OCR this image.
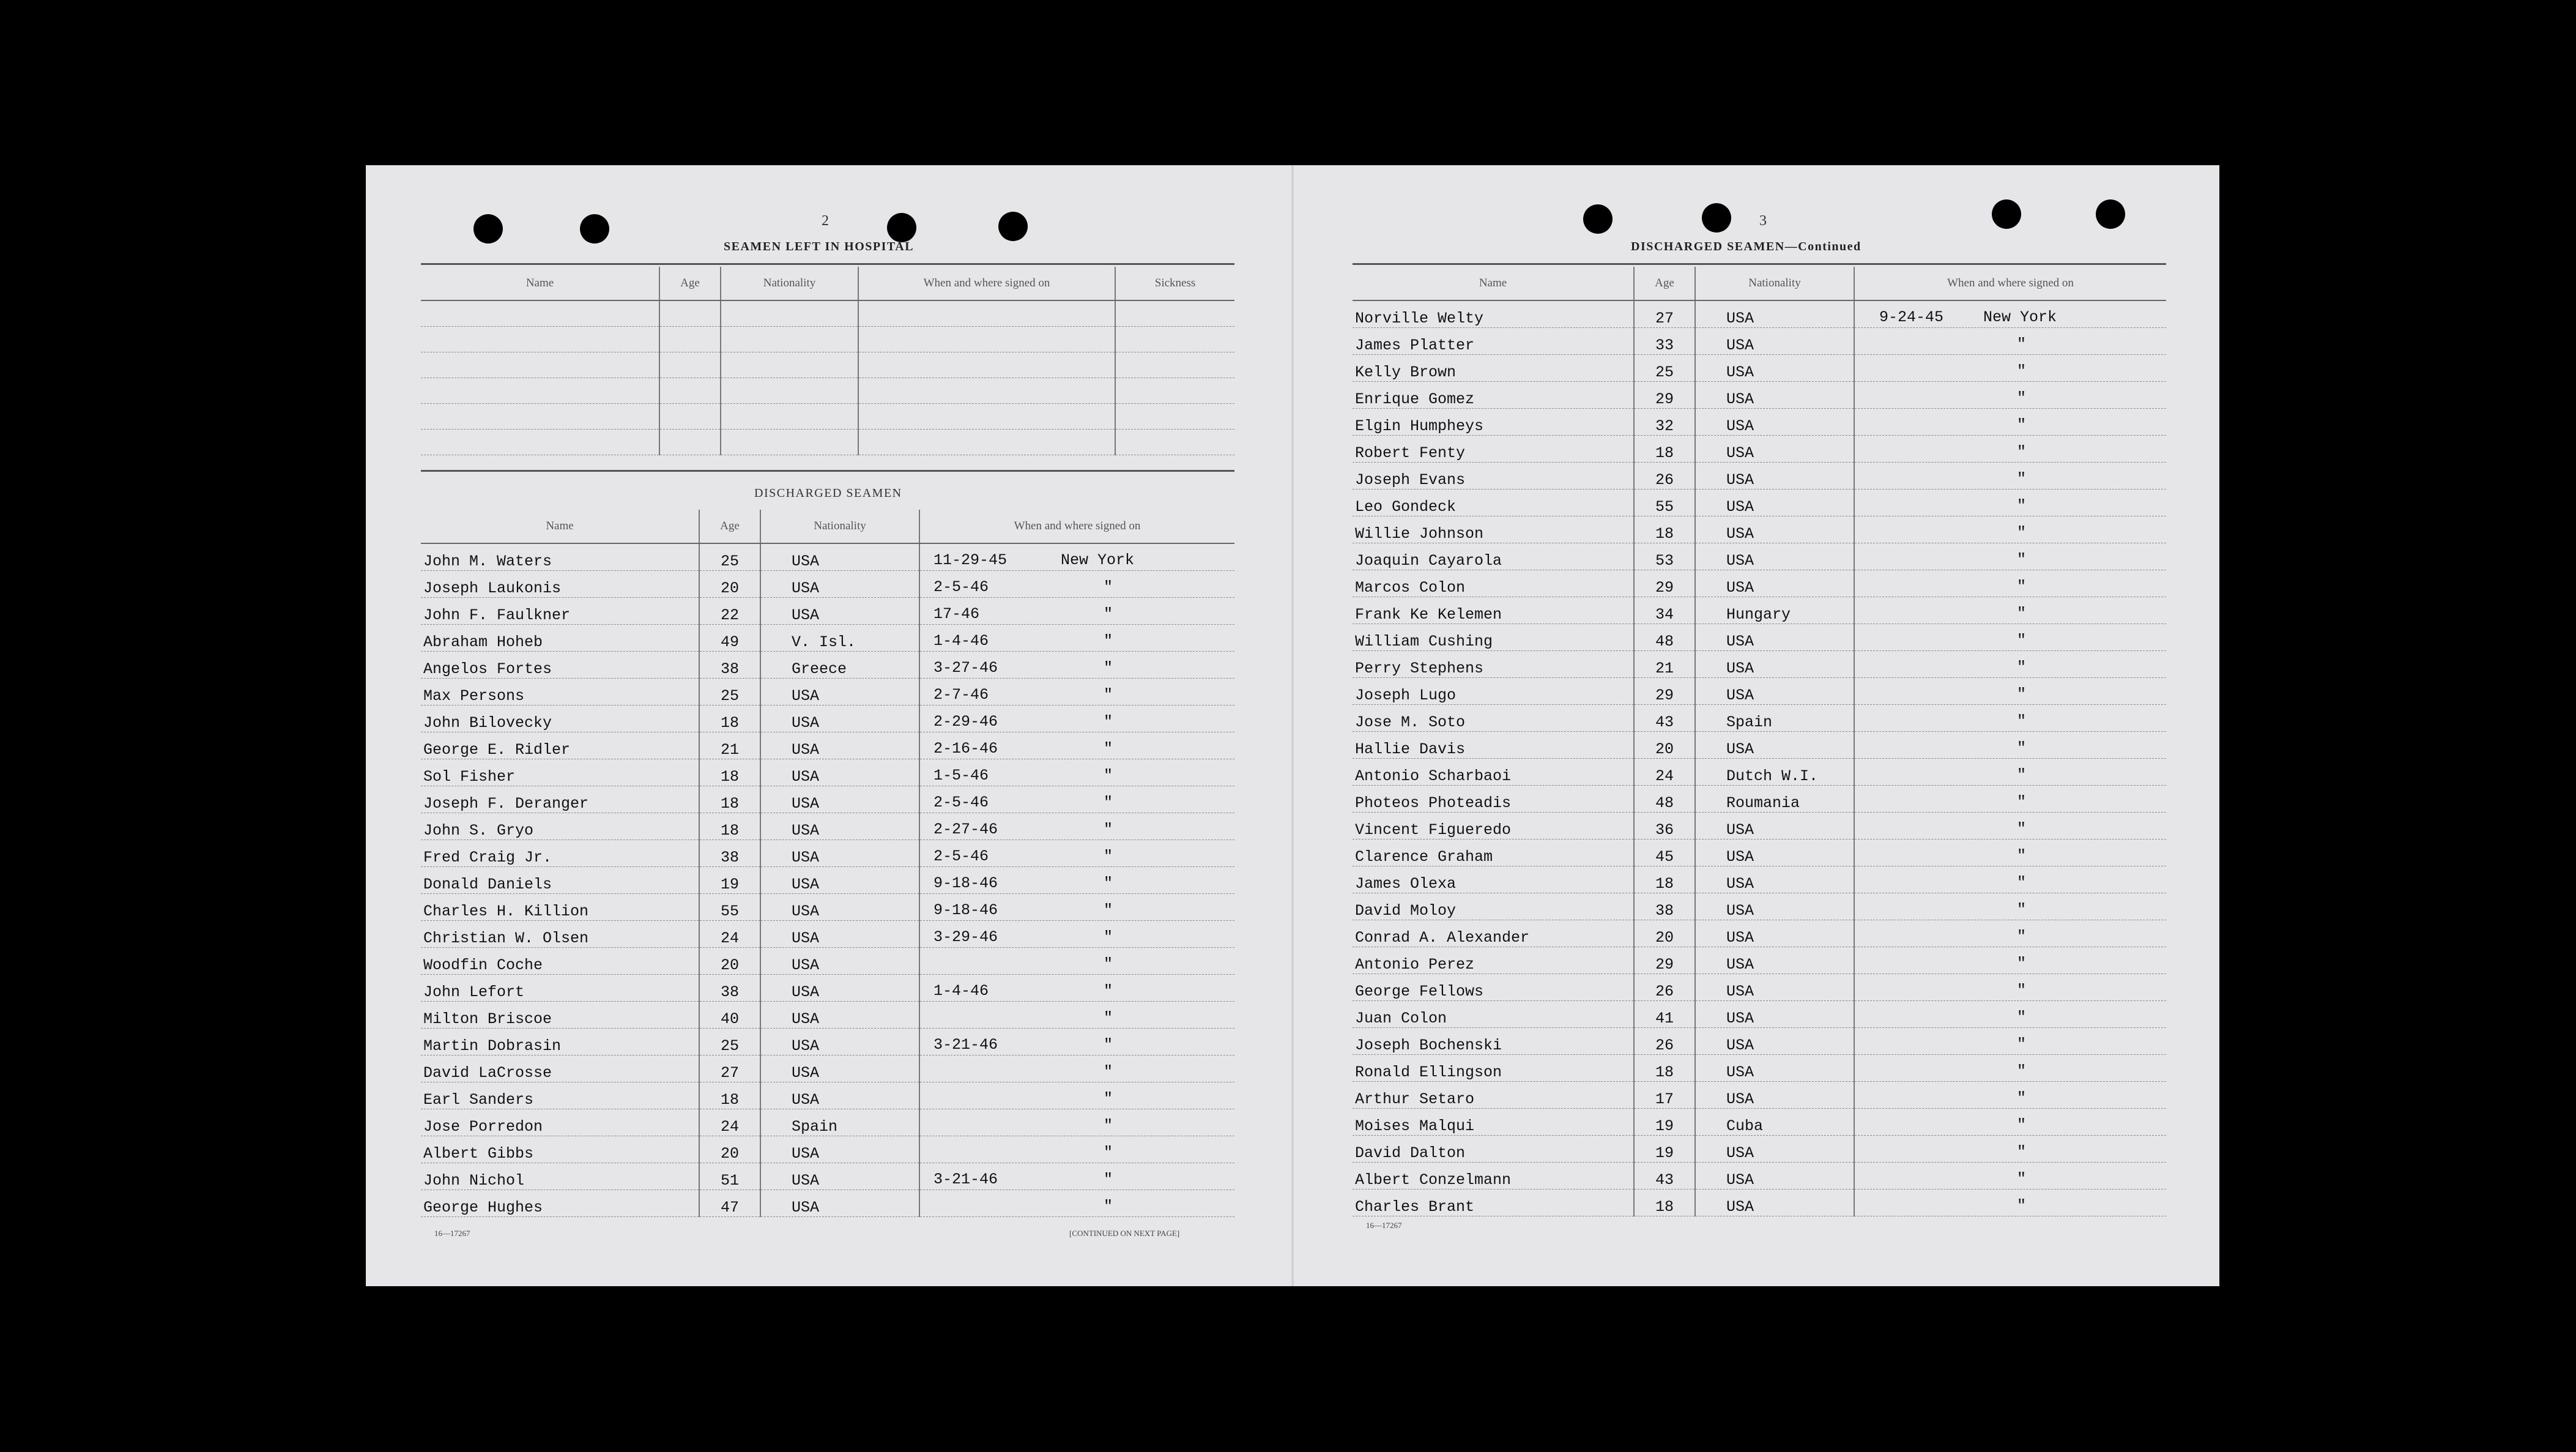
2
SEAMEN LEFT IN HOSPITAL
Name	Age	Nationality	When and where signed on	Sickness

DISCHARGED SEAMEN
Name	Age	Nationality	When and where signed on
John M. Waters	25	USA	11-29-45 New York

Joseph Laukonis	20	USA	2-5-46 "

John F. Faulkner	22	USA	17-46 "

Abraham Hoheb	49	V. Isl.	1-4-46 "

Angelos Fortes	38	Greece	3-27-46 "

Max Persons	25	USA	2-7-46 "

John Bilovecky	18	USA	2-29-46 "

George E. Ridler	21	USA	2-16-46 "

Sol Fisher	18	USA	1-5-46 "

Joseph F. Deranger	18	USA	2-5-46 "

John S. Gryo	18	USA	2-27-46 "

Fred Craig Jr.	38	USA	2-5-46 "

Donald Daniels	19	USA	9-18-46 "

Charles H. Killion	55	USA	9-18-46 "

Christian W. Olsen	24	USA	3-29-46 "

Woodfin Coche	20	USA	"

John Lefort	38	USA	1-4-46 "

Milton Briscoe	40	USA	"

Martin Dobrasin	25	USA	3-21-46 "

David LaCrosse	27	USA	"

Earl Sanders	18	USA	"

Jose Porredon	24	Spain	"

Albert Gibbs	20	USA	"

John Nichol	51	USA	3-21-46 "

George Hughes	47	USA	"
16—17267	[CONTINUED ON NEXT PAGE]
3
DISCHARGED SEAMEN—Continued
Name	Age	Nationality	When and where signed on
Norville Welty	27	USA	9-24-45 New York

James Platter	33	USA	"

Kelly Brown	25	USA	"

Enrique Gomez	29	USA	"

Elgin Humpheys	32	USA	"

Robert Fenty	18	USA	"

Joseph Evans	26	USA	"

Leo Gondeck	55	USA	"

Willie Johnson	18	USA	"

Joaquin Cayarola	53	USA	"

Marcos Colon	29	USA	"

Frank Ke Kelemen	34	Hungary	"

William Cushing	48	USA	"

Perry Stephens	21	USA	"

Joseph Lugo	29	USA	"

Jose M. Soto	43	Spain	"

Hallie Davis	20	USA	"

Antonio Scharbaoi	24	Dutch W.I.	"

Photeos Photeadis	48	Roumania	"

Vincent Figueredo	36	USA	"

Clarence Graham	45	USA	"

James Olexa	18	USA	"

David Moloy	38	USA	"

Conrad A. Alexander	20	USA	"

Antonio Perez	29	USA	"

George Fellows	26	USA	"

Juan Colon	41	USA	"

Joseph Bochenski	26	USA	"

Ronald Ellingson	18	USA	"

Arthur Setaro	17	USA	"

Moises Malqui	19	Cuba	"

David Dalton	19	USA	"

Albert Conzelmann	43	USA	"

Charles Brant	18	USA	"
16—17267
